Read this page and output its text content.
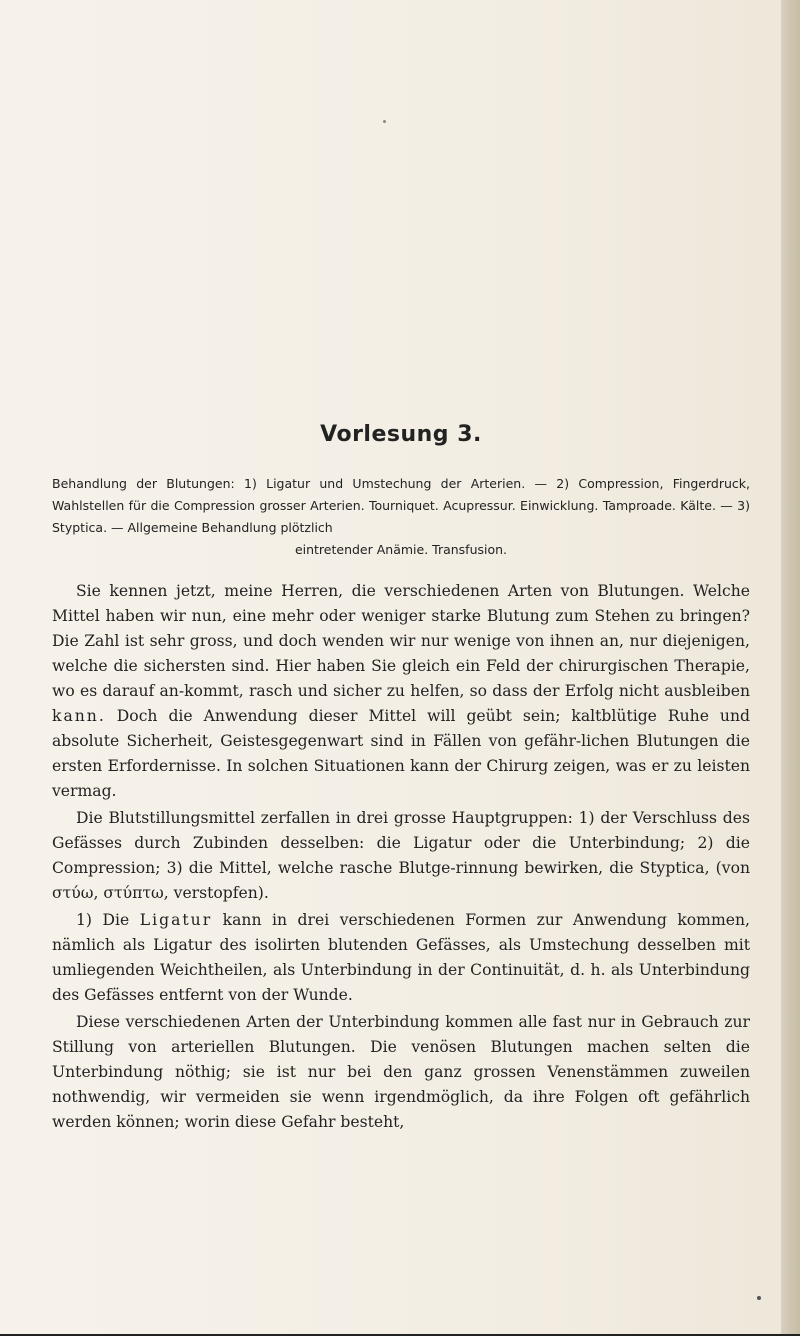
Vorlesung 3.
Behandlung der Blutungen: 1) Ligatur und Umstechung der Arterien. — 2) Compression, Fingerdruck, Wahlstellen für die Compression grosser Arterien. Tourniquet. Acupressur. Einwicklung. Tamproade. Kälte. — 3) Styptica. — Allgemeine Behandlung plötzlich
eintretender Anämie. Transfusion.

Sie kennen jetzt, meine Herren, die verschiedenen Arten von Blutungen. Welche Mittel haben wir nun, eine mehr oder weniger starke Blutung zum Stehen zu bringen? Die Zahl ist sehr gross, und doch wenden wir nur wenige von ihnen an, nur diejenigen, welche die sichersten sind. Hier haben Sie gleich ein Feld der chirurgischen Therapie, wo es darauf an-kommt, rasch und sicher zu helfen, so dass der Erfolg nicht ausbleiben kann. Doch die Anwendung dieser Mittel will geübt sein; kaltblütige Ruhe und absolute Sicherheit, Geistesgegenwart sind in Fällen von gefähr-lichen Blutungen die ersten Erfordernisse. In solchen Situationen kann der Chirurg zeigen, was er zu leisten vermag.

Die Blutstillungsmittel zerfallen in drei grosse Hauptgruppen: 1) der Verschluss des Gefässes durch Zubinden desselben: die Ligatur oder die Unterbindung; 2) die Compression; 3) die Mittel, welche rasche Blutge-rinnung bewirken, die Styptica, (von στύω, στύπτω, verstopfen).

1) Die Ligatur kann in drei verschiedenen Formen zur Anwendung kommen, nämlich als Ligatur des isolirten blutenden Gefässes, als Umstechung desselben mit umliegenden Weichtheilen, als Unterbindung in der Continuität, d. h. als Unterbindung des Gefässes entfernt von der Wunde.

Diese verschiedenen Arten der Unterbindung kommen alle fast nur in Gebrauch zur Stillung von arteriellen Blutungen. Die venösen Blutungen machen selten die Unterbindung nöthig; sie ist nur bei den ganz grossen Venenstämmen zuweilen nothwendig, wir vermeiden sie wenn irgendmöglich, da ihre Folgen oft gefährlich werden können; worin diese Gefahr besteht,
